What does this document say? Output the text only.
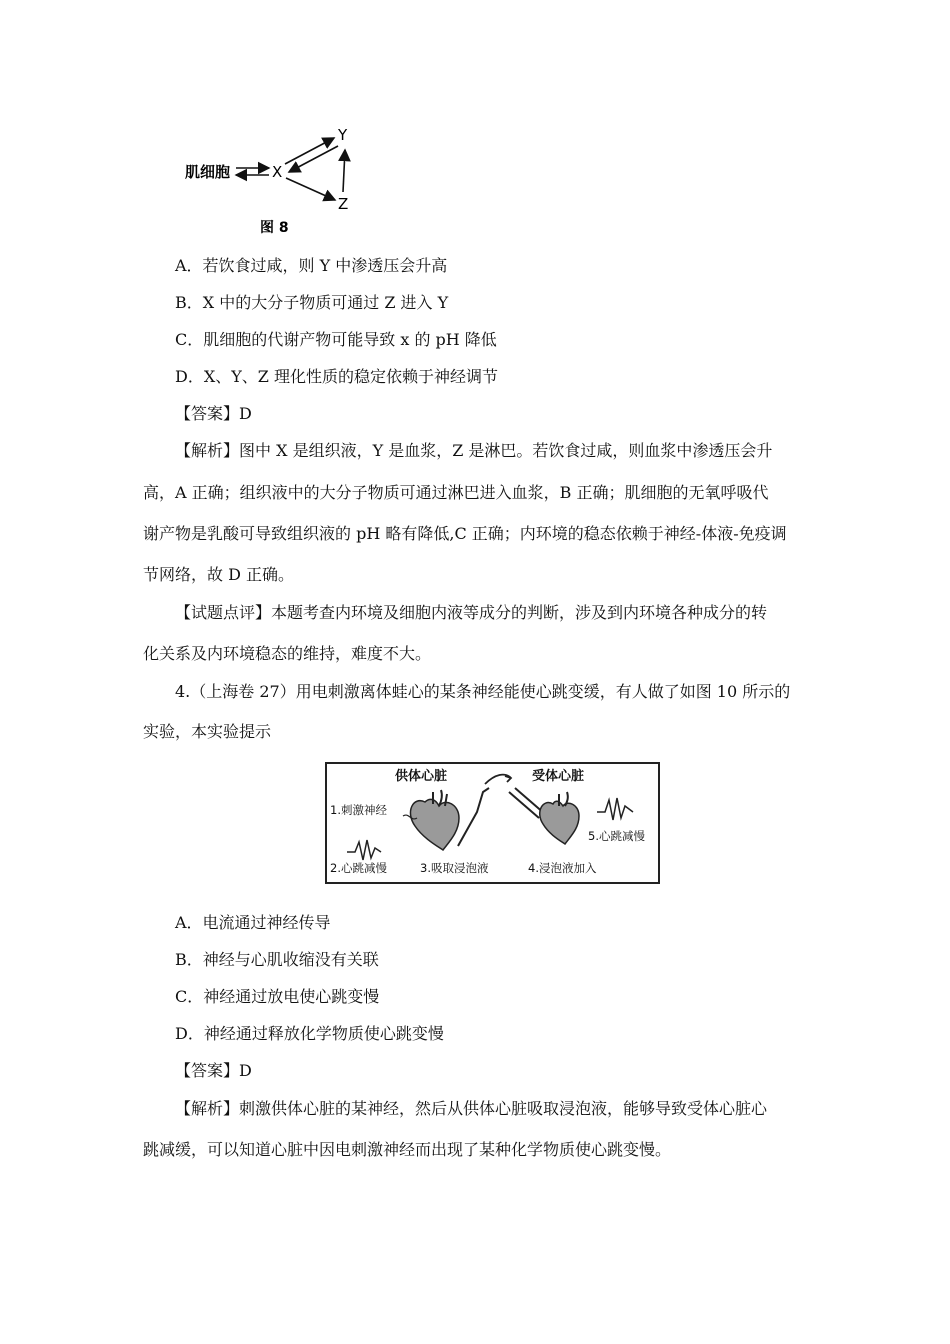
肌细胞	X
Y
Z
图 8
A．若饮食过咸，则 Y 中渗透压会升高
B．X 中的大分子物质可通过 Z 进入 Y
C．肌细胞的代谢产物可能导致 x 的 pH 降低
D．X、Y、Z 理化性质的稳定依赖于神经调节
【答案】D
【解析】图中 X 是组织液，Y 是血浆，Z 是淋巴。若饮食过咸，则血浆中渗透压会升
高，A 正确；组织液中的大分子物质可通过淋巴进入血浆，B 正确；肌细胞的无氧呼吸代
谢产物是乳酸可导致组织液的 pH 略有降低,C 正确；内环境的稳态依赖于神经-体液-免疫调
节网络，故 D 正确。
【试题点评】本题考查内环境及细胞内液等成分的判断，涉及到内环境各种成分的转
化关系及内环境稳态的维持，难度不大。
4.（上海卷 27）用电刺激离体蛙心的某条神经能使心跳变缓，有人做了如图 10 所示的
实验，本实验提示
供体心脏	受体心脏
1.刺激神经
2.心跳减慢	3.吸取浸泡液	4.浸泡液加入
5.心跳减慢
A．电流通过神经传导
B．神经与心肌收缩没有关联
C．神经通过放电使心跳变慢
D．神经通过释放化学物质使心跳变慢
【答案】D
【解析】刺激供体心脏的某神经，然后从供体心脏吸取浸泡液，能够导致受体心脏心
跳减缓，可以知道心脏中因电刺激神经而出现了某种化学物质使心跳变慢。
